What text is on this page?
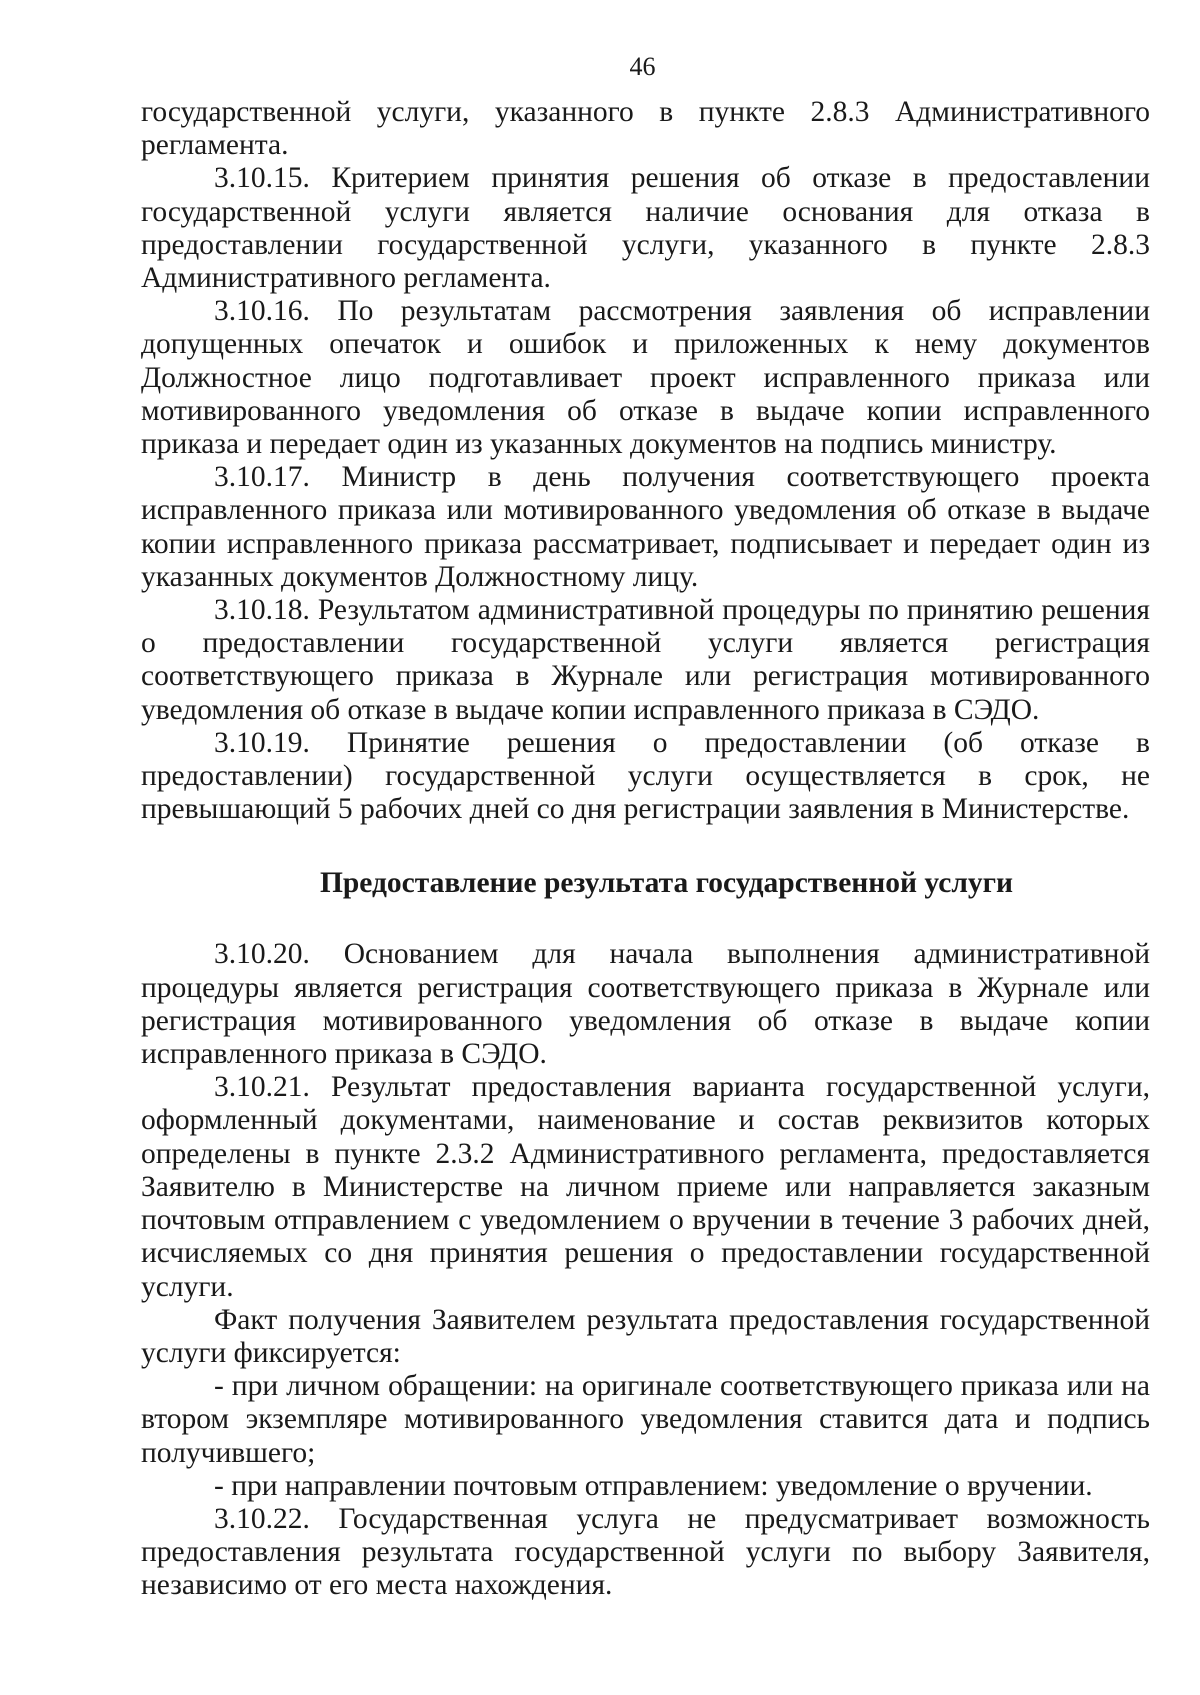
46

государственной услуги, указанного в пункте 2.8.3 Административного регламента.

3.10.15. Критерием принятия решения об отказе в предоставлении государственной услуги является наличие основания для отказа в предоставлении государственной услуги, указанного в пункте 2.8.3 Административного регламента.

3.10.16. По результатам рассмотрения заявления об исправлении допущенных опечаток и ошибок и приложенных к нему документов Должностное лицо подготавливает проект исправленного приказа или мотивированного уведомления об отказе в выдаче копии исправленного приказа и передает один из указанных документов на подпись министру.

3.10.17. Министр в день получения соответствующего проекта исправленного приказа или мотивированного уведомления об отказе в выдаче копии исправленного приказа рассматривает, подписывает и передает один из указанных документов Должностному лицу.

3.10.18. Результатом административной процедуры по принятию решения о предоставлении государственной услуги является регистрация соответствующего приказа в Журнале или регистрация мотивированного уведомления об отказе в выдаче копии исправленного приказа в СЭДО.

3.10.19. Принятие решения о предоставлении (об отказе в предоставлении) государственной услуги осуществляется в срок, не превышающий 5 рабочих дней со дня регистрации заявления в Министерстве.

Предоставление результата государственной услуги

3.10.20. Основанием для начала выполнения административной процедуры является регистрация соответствующего приказа в Журнале или регистрация мотивированного уведомления об отказе в выдаче копии исправленного приказа в СЭДО.

3.10.21. Результат предоставления варианта государственной услуги, оформленный документами, наименование и состав реквизитов которых определены в пункте 2.3.2 Административного регламента, предоставляется Заявителю в Министерстве на личном приеме или направляется заказным почтовым отправлением с уведомлением о вручении в течение 3 рабочих дней, исчисляемых со дня принятия решения о предоставлении государственной услуги.

Факт получения Заявителем результата предоставления государственной услуги фиксируется:

- при личном обращении: на оригинале соответствующего приказа или на втором экземпляре мотивированного уведомления ставится дата и подпись получившего;

- при направлении почтовым отправлением: уведомление о вручении.

3.10.22. Государственная услуга не предусматривает возможность предоставления результата государственной услуги по выбору Заявителя, независимо от его места нахождения.
